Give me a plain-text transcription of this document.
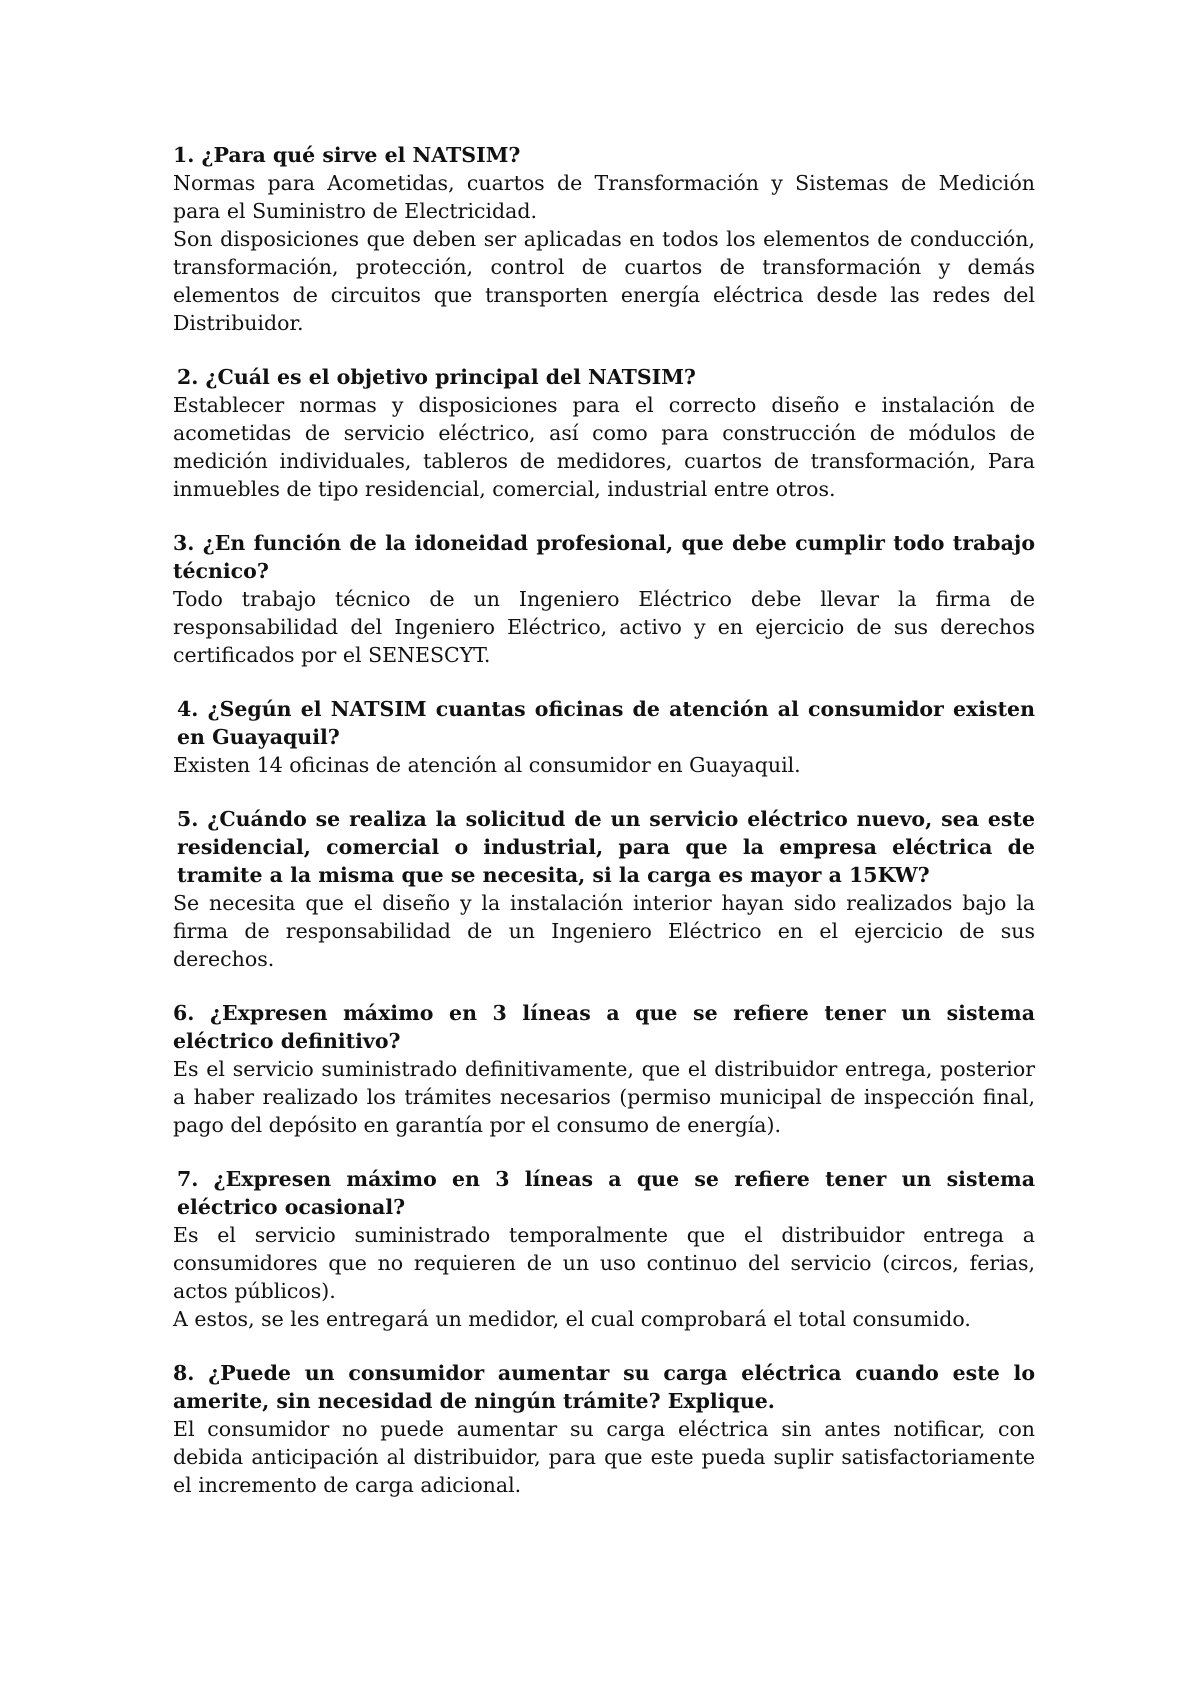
1. ¿Para qué sirve el NATSIM?

Normas para Acometidas, cuartos de Transformación y Sistemas de Medición para el Suministro de Electricidad.

Son disposiciones que deben ser aplicadas en todos los elementos de conducción, transformación, protección, control de cuartos de transformación y demás elementos de circuitos que transporten energía eléctrica desde las redes del Distribuidor.

2. ¿Cuál es el objetivo principal del NATSIM?

Establecer normas y disposiciones para el correcto diseño e instalación de acometidas de servicio eléctrico, así como para construcción de módulos de medición individuales, tableros de medidores, cuartos de transformación, Para inmuebles de tipo residencial, comercial, industrial entre otros.

3. ¿En función de la idoneidad profesional, que debe cumplir todo trabajo técnico?

Todo trabajo técnico de un Ingeniero Eléctrico debe llevar la firma de responsabilidad del Ingeniero Eléctrico, activo y en ejercicio de sus derechos certificados por el SENESCYT.

4. ¿Según el NATSIM cuantas oficinas de atención al consumidor existen en Guayaquil?

Existen 14 oficinas de atención al consumidor en Guayaquil.

5. ¿Cuándo se realiza la solicitud de un servicio eléctrico nuevo, sea este residencial, comercial o industrial, para que la empresa eléctrica de tramite a la misma que se necesita, si la carga es mayor a 15KW?

Se necesita que el diseño y la instalación interior hayan sido realizados bajo la firma de responsabilidad de un Ingeniero Eléctrico en el ejercicio de sus derechos.

6. ¿Expresen máximo en 3 líneas a que se refiere tener un sistema eléctrico definitivo?

Es el servicio suministrado definitivamente, que el distribuidor entrega, posterior a haber realizado los trámites necesarios (permiso municipal de inspección final, pago del depósito en garantía por el consumo de energía).

7. ¿Expresen máximo en 3 líneas a que se refiere tener un sistema eléctrico ocasional?

Es el servicio suministrado temporalmente que el distribuidor entrega a consumidores que no requieren de un uso continuo del servicio (circos, ferias, actos públicos).

A estos, se les entregará un medidor, el cual comprobará el total consumido.

8. ¿Puede un consumidor aumentar su carga eléctrica cuando este lo amerite, sin necesidad de ningún trámite? Explique.

El consumidor no puede aumentar su carga eléctrica sin antes notificar, con debida anticipación al distribuidor, para que este pueda suplir satisfactoriamente el incremento de carga adicional.
